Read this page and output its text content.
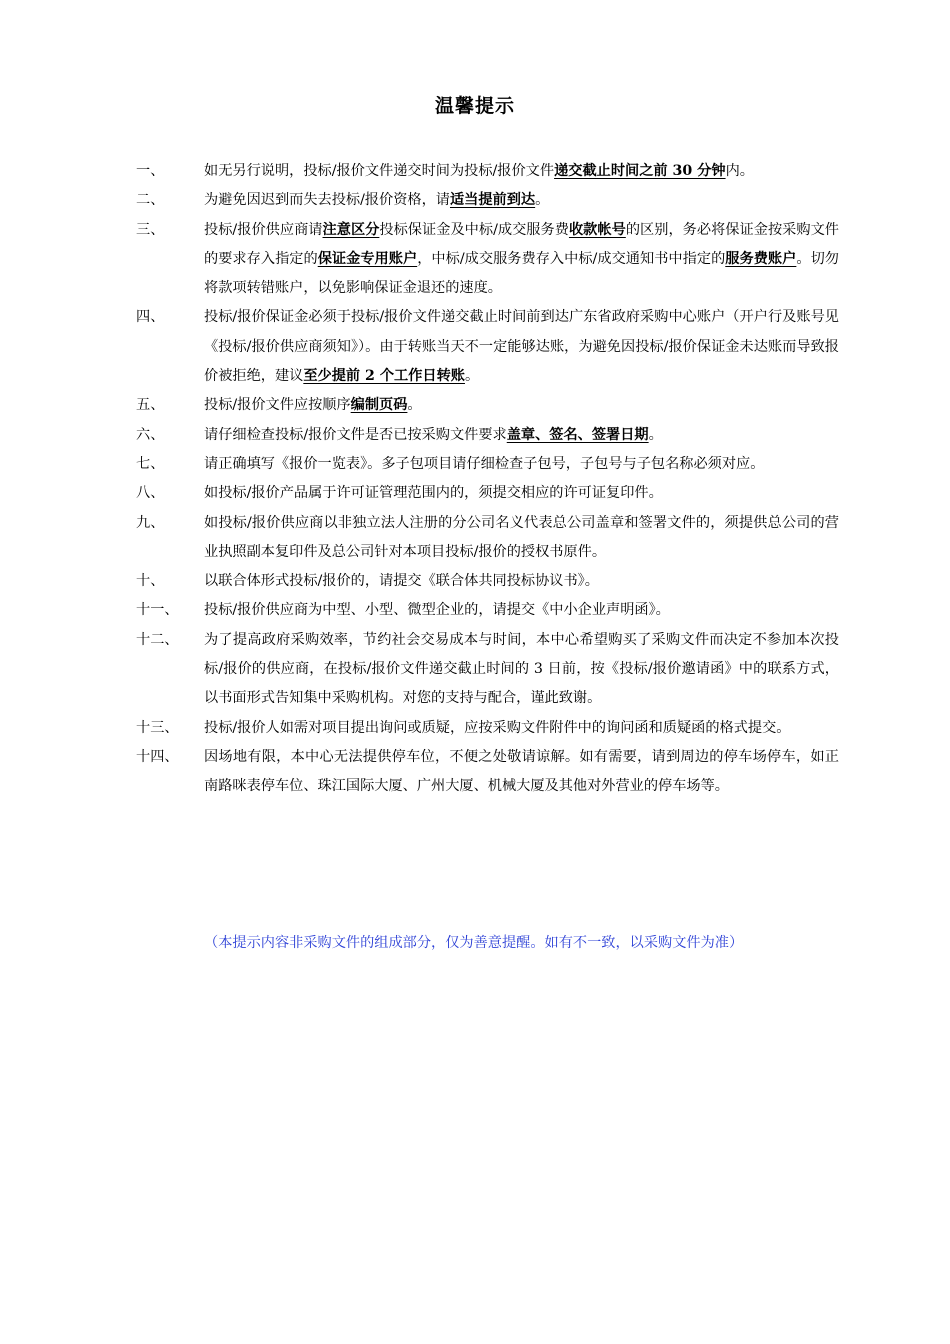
温馨提示
一、	如无另行说明，投标/报价文件递交时间为投标/报价文件递交截止时间之前 30 分钟内。
二、	为避免因迟到而失去投标/报价资格，请适当提前到达。
三、	投标/报价供应商请注意区分投标保证金及中标/成交服务费收款帐号的区别，务必将保证金按采购文件的要求存入指定的保证金专用账户，中标/成交服务费存入中标/成交通知书中指定的服务费账户。切勿将款项转错账户，以免影响保证金退还的速度。
四、	投标/报价保证金必须于投标/报价文件递交截止时间前到达广东省政府采购中心账户（开户行及账号见《投标/报价供应商须知》）。由于转账当天不一定能够达账，为避免因投标/报价保证金未达账而导致报价被拒绝，建议至少提前 2 个工作日转账。
五、	投标/报价文件应按顺序编制页码。
六、	请仔细检查投标/报价文件是否已按采购文件要求盖章、签名、签署日期。
七、	请正确填写《报价一览表》。多子包项目请仔细检查子包号，子包号与子包名称必须对应。
八、	如投标/报价产品属于许可证管理范围内的，须提交相应的许可证复印件。
九、	如投标/报价供应商以非独立法人注册的分公司名义代表总公司盖章和签署文件的，须提供总公司的营业执照副本复印件及总公司针对本项目投标/报价的授权书原件。
十、	以联合体形式投标/报价的，请提交《联合体共同投标协议书》。
十一、	投标/报价供应商为中型、小型、微型企业的，请提交《中小企业声明函》。
十二、	为了提高政府采购效率，节约社会交易成本与时间，本中心希望购买了采购文件而决定不参加本次投标/报价的供应商，在投标/报价文件递交截止时间的 3 日前，按《投标/报价邀请函》中的联系方式，以书面形式告知集中采购机构。对您的支持与配合，谨此致谢。
十三、	投标/报价人如需对项目提出询问或质疑，应按采购文件附件中的询问函和质疑函的格式提交。
十四、	因场地有限，本中心无法提供停车位，不便之处敬请谅解。如有需要，请到周边的停车场停车，如正南路咪表停车位、珠江国际大厦、广州大厦、机械大厦及其他对外营业的停车场等。
（本提示内容非采购文件的组成部分，仅为善意提醒。如有不一致，以采购文件为准）
